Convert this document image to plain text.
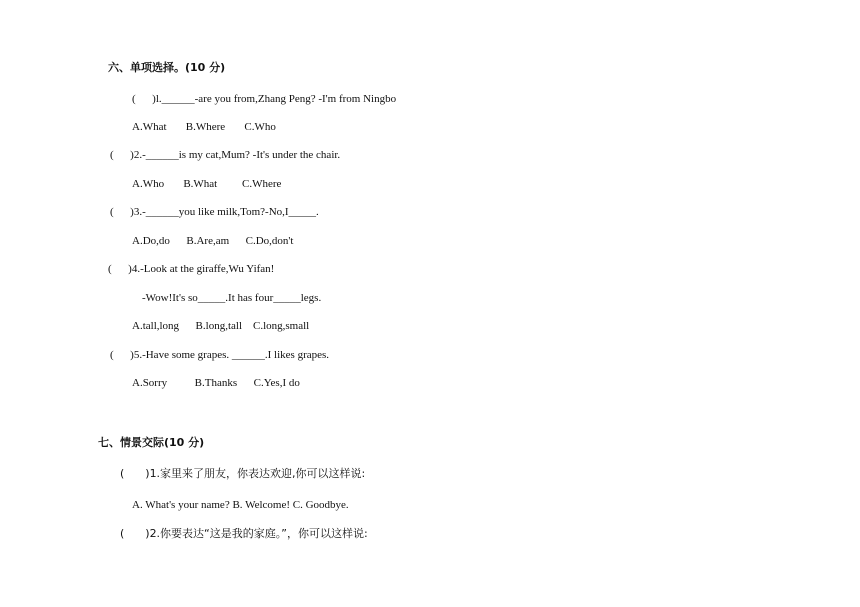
六、单项选择。(10 分)
(      )l.______-are you from,Zhang Peng? -I'm from Ningbo
A.What       B.Where       C.Who
(      )2.-______is my cat,Mum? -It's under the chair.
A.Who       B.What         C.Where
(      )3.-______you like milk,Tom?-No,I_____.
A.Do,do      B.Are,am      C.Do,don't
(      )4.-Look at the giraffe,Wu Yifan!
-Wow!It's so_____.It has four_____legs.
A.tall,long      B.long,tall    C.long,small
(      )5.-Have some grapes. ______.I likes grapes.
A.Sorry          B.Thanks      C.Yes,I do
七、情景交际(10 分)
(      )1.家里来了朋友，你表达欢迎,你可以这样说:
A. What's your name? B. Welcome! C. Goodbye.
(      )2.你要表达“这是我的家庭。”，你可以这样说:
